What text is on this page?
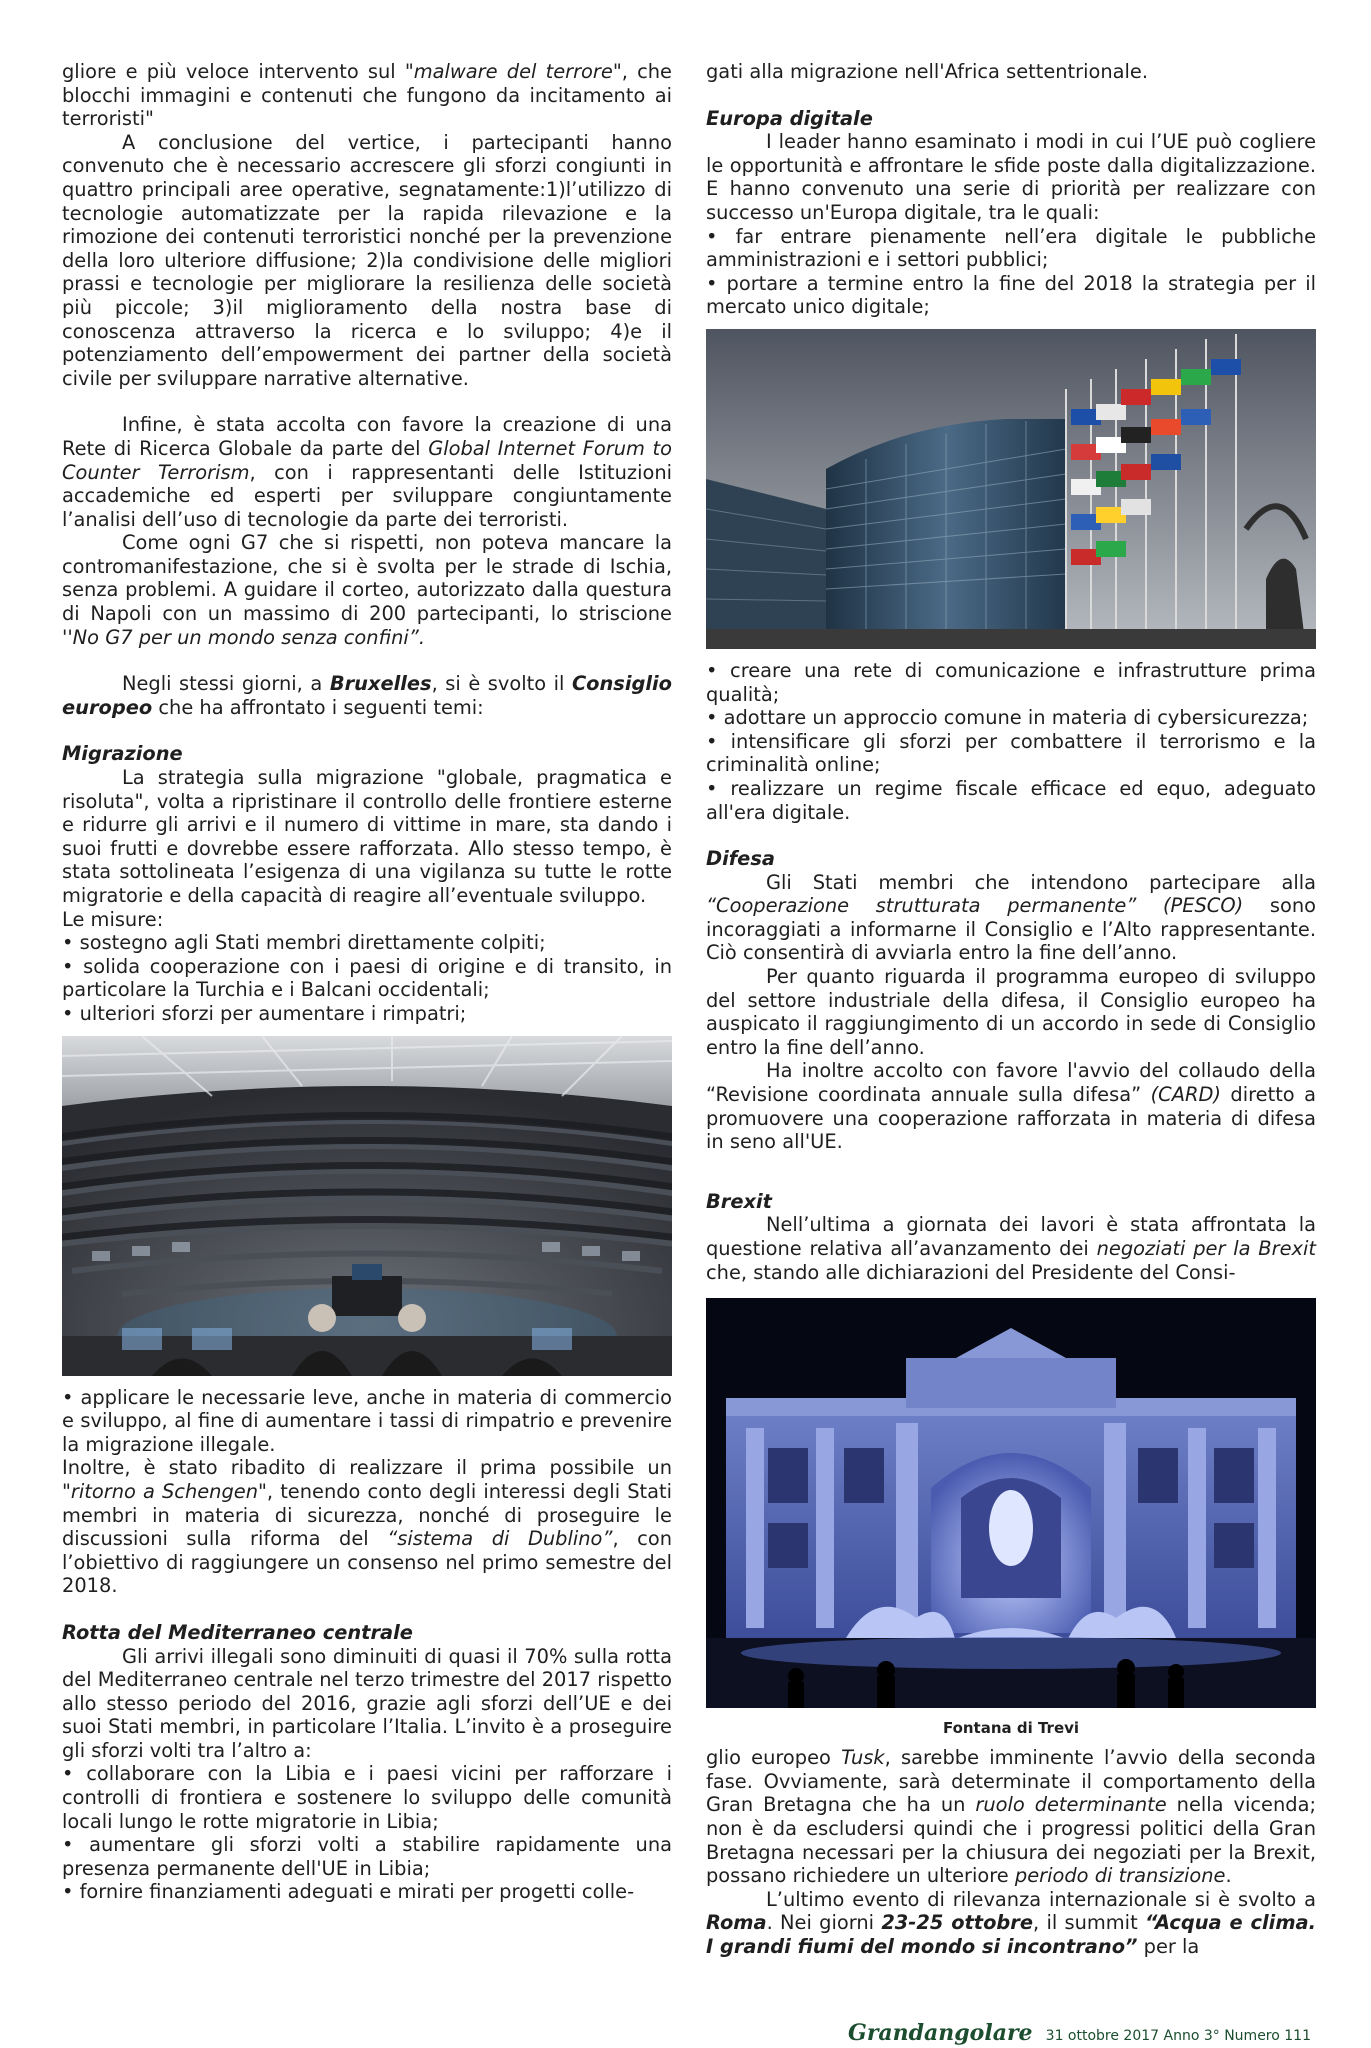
gliore e più veloce intervento sul "malware del terrore", che blocchi immagini e contenuti che fungono da incitamento ai terroristi"

A conclusione del vertice, i partecipanti hanno convenuto che è necessario accrescere gli sforzi congiunti in quattro principali aree operative, segnatamente:1)l’utilizzo di tecnologie automatizzate per la rapida rilevazione e la rimozione dei contenuti terroristici nonché per la prevenzione della loro ulteriore diffusione; 2)la condivisione delle migliori prassi e tecnologie per migliorare la resilienza delle società più piccole; 3)il miglioramento della nostra base di conoscenza attraverso la ricerca e lo sviluppo; 4)e il potenziamento dell’empowerment dei partner della società civile per sviluppare narrative alternative.

Infine, è stata accolta con favore la creazione di una Rete di Ricerca Globale da parte del Global Internet Forum to Counter Terrorism, con i rappresentanti delle Istituzioni accademiche ed esperti per sviluppare congiuntamente l’analisi dell’uso di tecnologie da parte dei terroristi.

Come ogni G7 che si rispetti, non poteva mancare la contromanifestazione, che si è svolta per le strade di Ischia, senza problemi. A guidare il corteo, autorizzato dalla questura di Napoli con un massimo di 200 partecipanti, lo striscione ''No G7 per un mondo senza confini”.

Negli stessi giorni, a Bruxelles, si è svolto il Consiglio europeo che ha affrontato i seguenti temi:

Migrazione

La strategia sulla migrazione "globale, pragmatica e risoluta", volta a ripristinare il controllo delle frontiere esterne e ridurre gli arrivi e il numero di vittime in mare, sta dando i suoi frutti e dovrebbe essere rafforzata. Allo stesso tempo, è stata sottolineata l’esigenza di una vigilanza su tutte le rotte migratorie e della capacità di reagire all’eventuale sviluppo.

Le misure:

• sostegno agli Stati membri direttamente colpiti;
• solida cooperazione con i paesi di origine e di transito, in particolare la Turchia e i Balcani occidentali;
• ulteriori sforzi per aumentare i rimpatri;
• applicare le necessarie leve, anche in materia di commercio e sviluppo, al fine di aumentare i tassi di rimpatrio e prevenire la migrazione illegale.

Inoltre, è stato ribadito di realizzare il prima possibile un "ritorno a Schengen", tenendo conto degli interessi degli Stati membri in materia di sicurezza, nonché di proseguire le discussioni sulla riforma del “sistema di Dublino”, con l’obiettivo di raggiungere un consenso nel primo semestre del 2018.

Rotta del Mediterraneo centrale

Gli arrivi illegali sono diminuiti di quasi il 70% sulla rotta del Mediterraneo centrale nel terzo trimestre del 2017 rispetto allo stesso periodo del 2016, grazie agli sforzi dell’UE e dei suoi Stati membri, in particolare l’Italia. L’invito è a proseguire gli sforzi volti tra l’altro a:

• collaborare con la Libia e i paesi vicini per rafforzare i controlli di frontiera e sostenere lo sviluppo delle comunità locali lungo le rotte migratorie in Libia;
• aumentare gli sforzi volti a stabilire rapidamente una presenza permanente dell'UE in Libia;
• fornire finanziamenti adeguati e mirati per progetti colle-

gati alla migrazione nell'Africa settentrionale.

Europa digitale

I leader hanno esaminato i modi in cui l’UE può cogliere le opportunità e affrontare le sfide poste dalla digitalizzazione. E hanno convenuto una serie di priorità per realizzare con successo un'Europa digitale, tra le quali:

• far entrare pienamente nell’era digitale le pubbliche amministrazioni e i settori pubblici;
• portare a termine entro la fine del 2018 la strategia per il mercato unico digitale;
• creare una rete di comunicazione e infrastrutture prima qualità;
• adottare un approccio comune in materia di cybersicurezza;
• intensificare gli sforzi per combattere il terrorismo e la criminalità online;
• realizzare un regime fiscale efficace ed equo, adeguato all'era digitale.
Difesa

Gli Stati membri che intendono partecipare alla “Cooperazione strutturata permanente” (PESCO) sono incoraggiati a informarne il Consiglio e l’Alto rappresentante. Ciò consentirà di avviarla entro la fine dell’anno.

Per quanto riguarda il programma europeo di sviluppo del settore industriale della difesa, il Consiglio europeo ha auspicato il raggiungimento di un accordo in sede di Consiglio entro la fine dell’anno.

Ha inoltre accolto con favore l'avvio del collaudo della “Revisione coordinata annuale sulla difesa” (CARD) diretto a promuovere una cooperazione rafforzata in materia di difesa in seno all'UE.

Brexit

Nell’ultima a giornata dei lavori è stata affrontata la questione relativa all’avanzamento dei negoziati per la Brexit che, stando alle dichiarazioni del Presidente del Consi-

Fontana di Trevi

glio europeo Tusk, sarebbe imminente l’avvio della seconda fase. Ovviamente, sarà determinate il comportamento della Gran Bretagna che ha un ruolo determinante nella vicenda; non è da escludersi quindi che i progressi politici della Gran Bretagna necessari per la chiusura dei negoziati per la Brexit, possano richiedere un ulteriore periodo di transizione.

L’ultimo evento di rilevanza internazionale si è svolto a Roma. Nei giorni 23-25 ottobre, il summit “Acqua e clima. I grandi fiumi del mondo si incontrano” per la

Grandangolare 31 ottobre 2017 Anno 3° Numero 111
